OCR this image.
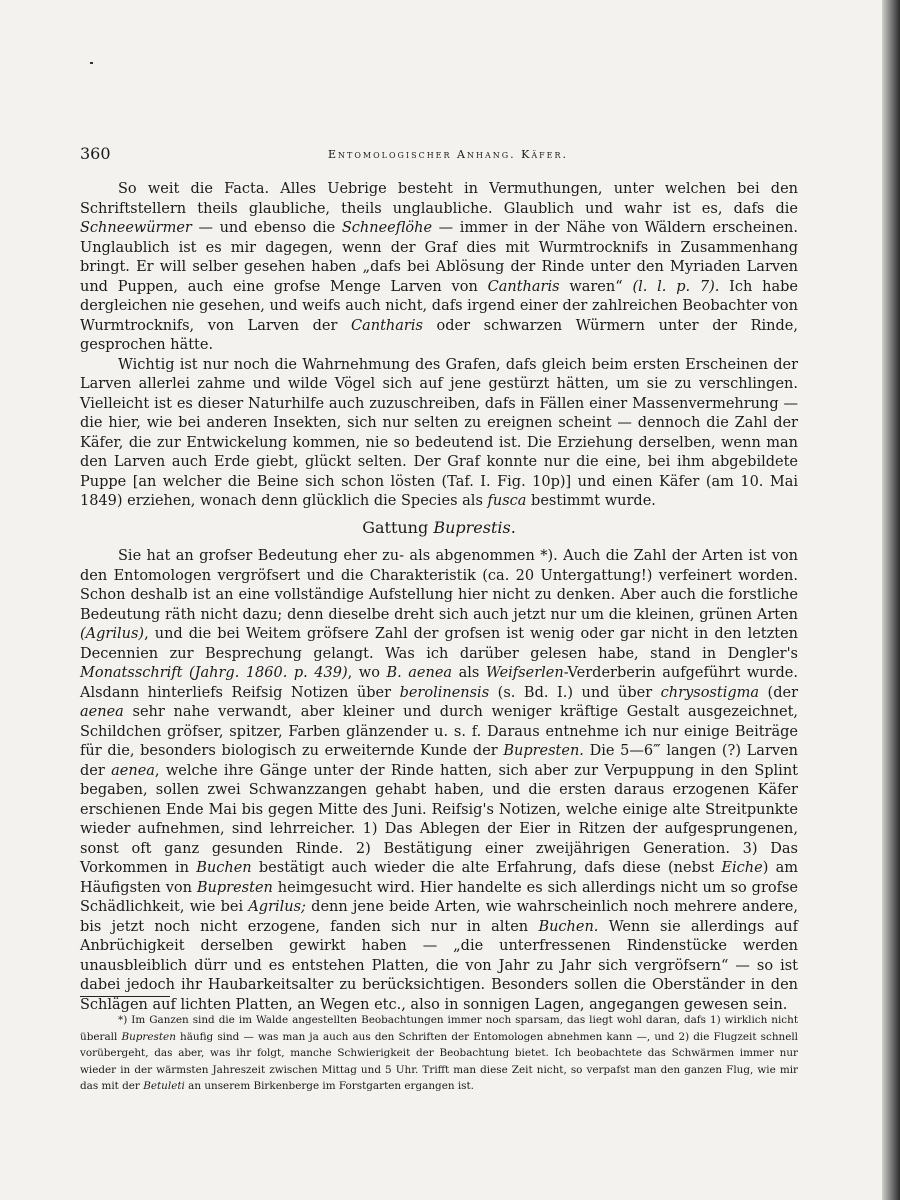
360	Entomologischer Anhang. Käfer.

So weit die Facta. Alles Uebrige besteht in Vermuthungen, unter welchen bei den Schriftstellern theils glaubliche, theils unglaubliche. Glaublich und wahr ist es, dafs die Schneewürmer — und ebenso die Schneeflöhe — immer in der Nähe von Wäldern erscheinen. Unglaublich ist es mir dagegen, wenn der Graf dies mit Wurmtrocknifs in Zusammenhang bringt. Er will selber gesehen haben „dafs bei Ablösung der Rinde unter den Myriaden Larven und Puppen, auch eine grofse Menge Larven von Cantharis waren“ (l. l. p. 7). Ich habe dergleichen nie gesehen, und weifs auch nicht, dafs irgend einer der zahlreichen Beobachter von Wurmtrocknifs, von Larven der Cantharis oder schwarzen Würmern unter der Rinde, gesprochen hätte.

Wichtig ist nur noch die Wahrnehmung des Grafen, dafs gleich beim ersten Erscheinen der Larven allerlei zahme und wilde Vögel sich auf jene gestürzt hätten, um sie zu verschlingen. Vielleicht ist es dieser Naturhilfe auch zuzuschreiben, dafs in Fällen einer Massenvermehrung — die hier, wie bei anderen Insekten, sich nur selten zu ereignen scheint — dennoch die Zahl der Käfer, die zur Entwickelung kommen, nie so bedeutend ist. Die Erziehung derselben, wenn man den Larven auch Erde giebt, glückt selten. Der Graf konnte nur die eine, bei ihm abgebildete Puppe [an welcher die Beine sich schon lösten (Taf. I. Fig. 10p)] und einen Käfer (am 10. Mai 1849) erziehen, wonach denn glücklich die Species als fusca bestimmt wurde.

Gattung Buprestis.

Sie hat an grofser Bedeutung eher zu- als abgenommen *). Auch die Zahl der Arten ist von den Entomologen vergröfsert und die Charakteristik (ca. 20 Untergattung!) verfeinert worden. Schon deshalb ist an eine vollständige Aufstellung hier nicht zu denken. Aber auch die forstliche Bedeutung räth nicht dazu; denn dieselbe dreht sich auch jetzt nur um die kleinen, grünen Arten (Agrilus), und die bei Weitem gröfsere Zahl der grofsen ist wenig oder gar nicht in den letzten Decennien zur Besprechung gelangt. Was ich darüber gelesen habe, stand in Dengler's Monatsschrift (Jahrg. 1860. p. 439), wo B. aenea als Weifserlen-Verderberin aufgeführt wurde. Alsdann hinterliefs Reifsig Notizen über berolinensis (s. Bd. I.) und über chrysostigma (der aenea sehr nahe verwandt, aber kleiner und durch weniger kräftige Gestalt ausgezeichnet, Schildchen gröfser, spitzer, Farben glänzender u. s. f. Daraus entnehme ich nur einige Beiträge für die, besonders biologisch zu erweiternde Kunde der Bupresten. Die 5—6‴ langen (?) Larven der aenea, welche ihre Gänge unter der Rinde hatten, sich aber zur Verpuppung in den Splint begaben, sollen zwei Schwanzzangen gehabt haben, und die ersten daraus erzogenen Käfer erschienen Ende Mai bis gegen Mitte des Juni. Reifsig's Notizen, welche einige alte Streitpunkte wieder aufnehmen, sind lehrreicher. 1) Das Ablegen der Eier in Ritzen der aufgesprungenen, sonst oft ganz gesunden Rinde. 2) Bestätigung einer zweijährigen Generation. 3) Das Vorkommen in Buchen bestätigt auch wieder die alte Erfahrung, dafs diese (nebst Eiche) am Häufigsten von Bupresten heimgesucht wird. Hier handelte es sich allerdings nicht um so grofse Schädlichkeit, wie bei Agrilus; denn jene beide Arten, wie wahrscheinlich noch mehrere andere, bis jetzt noch nicht erzogene, fanden sich nur in alten Buchen. Wenn sie allerdings auf Anbrüchigkeit derselben gewirkt haben — „die unterfressenen Rindenstücke werden unausbleiblich dürr und es entstehen Platten, die von Jahr zu Jahr sich vergröfsern“ — so ist dabei jedoch ihr Haubarkeitsalter zu berücksichtigen. Besonders sollen die Oberständer in den Schlägen auf lichten Platten, an Wegen etc., also in sonnigen Lagen, angegangen gewesen sein.

*) Im Ganzen sind die im Walde angestellten Beobachtungen immer noch sparsam, das liegt wohl daran, dafs 1) wirklich nicht überall Bupresten häufig sind — was man ja auch aus den Schriften der Entomologen abnehmen kann —, und 2) die Flugzeit schnell vorübergeht, das aber, was ihr folgt, manche Schwierigkeit der Beobachtung bietet. Ich beobachtete das Schwärmen immer nur wieder in der wärmsten Jahreszeit zwischen Mittag und 5 Uhr. Trifft man diese Zeit nicht, so verpafst man den ganzen Flug, wie mir das mit der Betuleti an unserem Birkenberge im Forstgarten ergangen ist.
